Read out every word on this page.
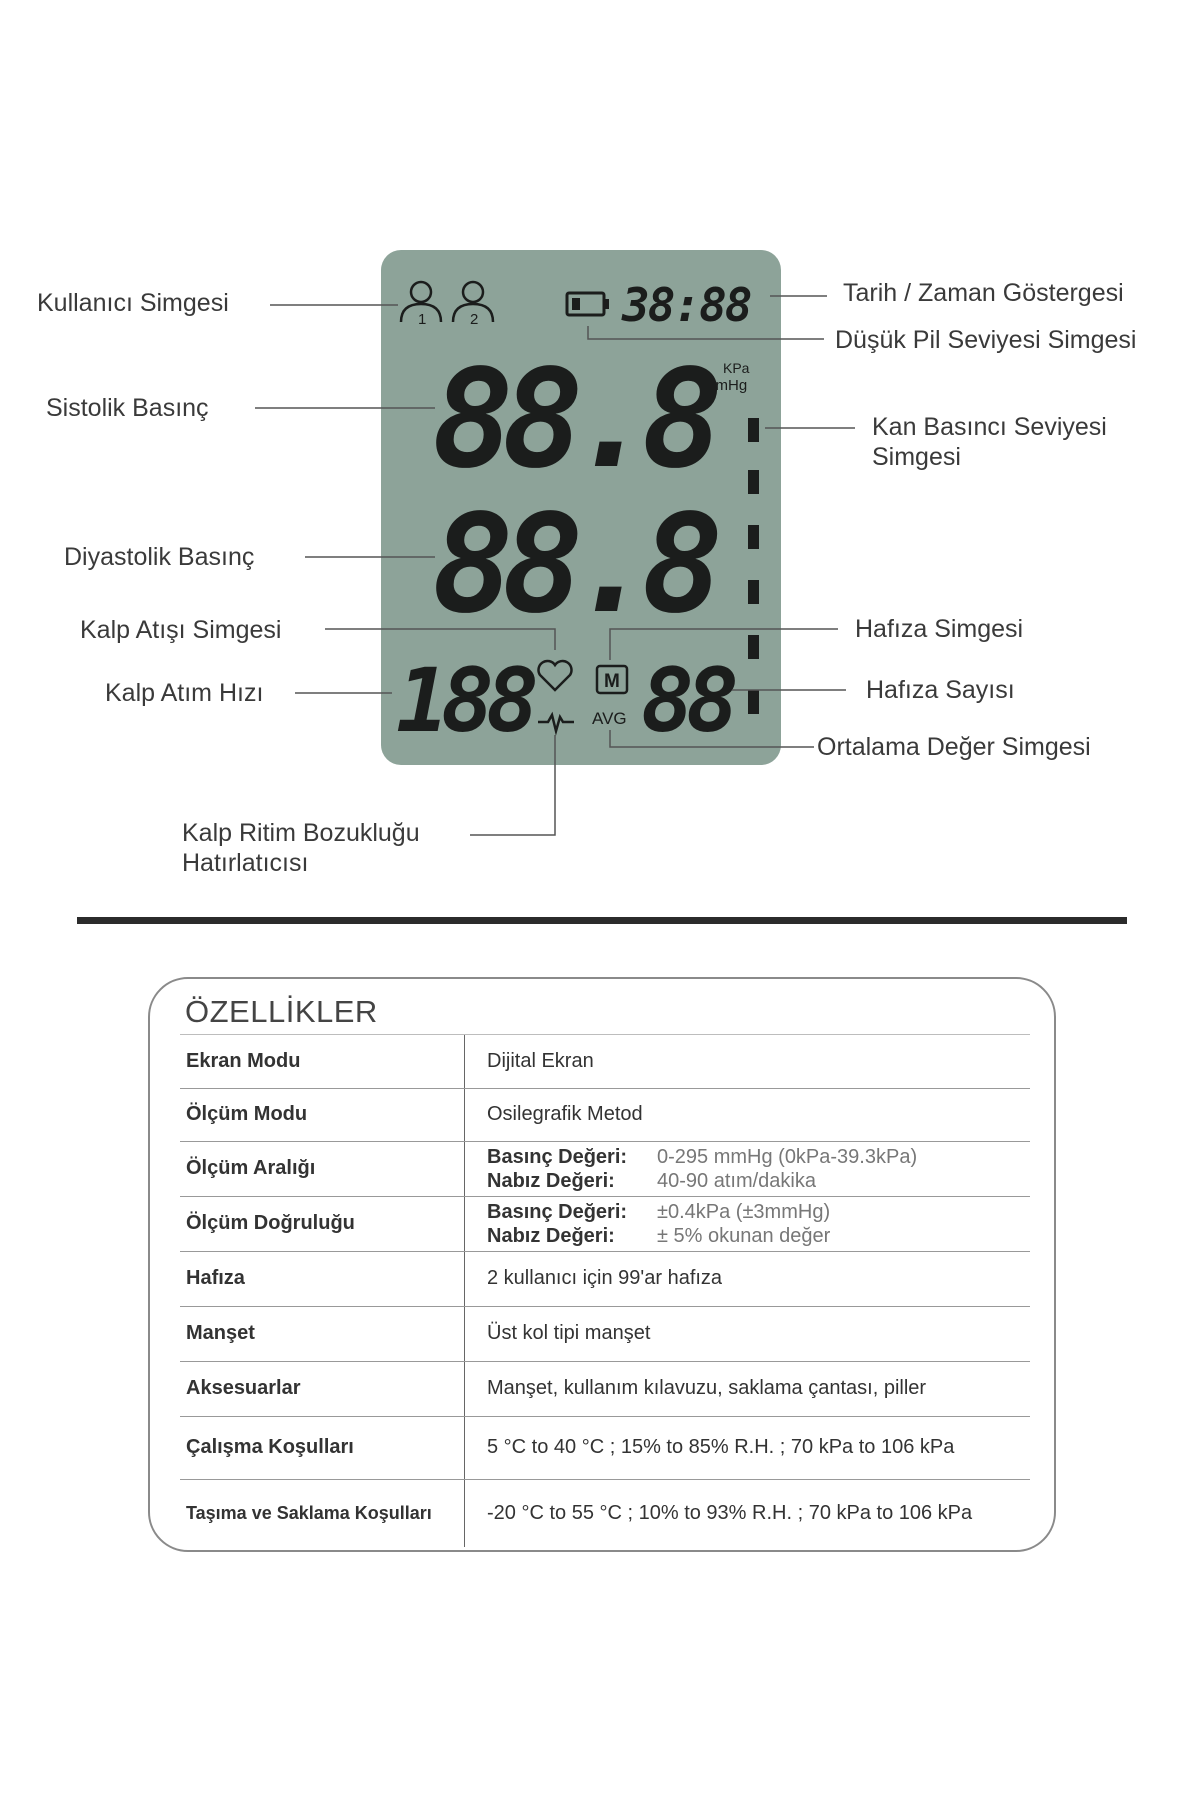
1	2	38:88
KPa
mmHg
88.8
88.8
188	M
AVG 88
Kullanıcı Simgesi	Tarih / Zaman Göstergesi
Düşük Pil Seviyesi Simgesi
Sistolik Basınç
Kan Basıncı Seviyesi Simgesi
Diyastolik Basınç
Kalp Atışı Simgesi	Hafıza Simgesi
Kalp Atım Hızı	Hafıza Sayısı
Ortalama Değer Simgesi
Kalp Ritim Bozukluğu Hatırlatıcısı
ÖZELLİKLER
Ekran Modu	Dijital Ekran
Ölçüm Modu	Osilegrafik Metod
Ölçüm Aralığı	Basınç Değeri: 0-295 mmHg (0kPa-39.3kPa)
Nabız Değeri: 40-90 atım/dakika

Ölçüm Doğruluğu	Basınç Değeri: ±0.4kPa (±3mmHg)
Nabız Değeri: ± 5% okunan değer

Hafıza	2 kullanıcı için 99'ar hafıza
Manşet	Üst kol tipi manşet
Aksesuarlar	Manşet, kullanım kılavuzu, saklama çantası, piller
Çalışma Koşulları	5 °C to 40 °C ; 15% to 85% R.H. ; 70 kPa to 106 kPa
Taşıma ve Saklama Koşulları	-20 °C to 55 °C ; 10% to 93% R.H. ; 70 kPa to 106 kPa
